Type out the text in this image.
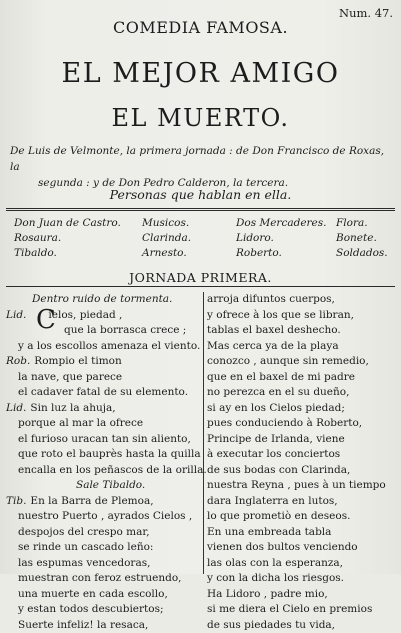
Num. 47.
COMEDIA FAMOSA.
EL MEJOR AMIGO
EL MUERTO.
De Luis de Velmonte, la primera jornada : de Don Francisco de Roxas, la
segunda : y de Don Pedro Calderon, la tercera.
Personas que hablan en ella.
Don Juan de Castro.
Rosaura.
Tibaldo.
Musicos.
Clarinda.
Arnesto.
Dos Mercaderes.
Lidoro.
Roberto.
Flora.
Bonete.
Soldados.
JORNADA PRIMERA.
Dentro ruido de tormenta.
Lid. ielos, piedad ,
que la borrasca crece ;
y a los escollos amenaza el viento.
Rob. Rompio el timon
la nave, que parece
el cadaver fatal de su elemento.
Lid. Sin luz la ahuja,
porque al mar la ofrece
el furioso uracan tan sin aliento,
que roto el bauprès hasta la quilla
encalla en los peñascos de la orilla.
Sale Tibaldo.
Tib. En la Barra de Plemoa,
nuestro Puerto , ayrados Cielos ,
despojos del crespo mar,
se rinde un cascado leño:
las espumas vencedoras,
muestran con feroz estruendo,
una muerte en cada escollo,
y estan todos descubiertos;
Suerte infeliz! la resaca,
arroja difuntos cuerpos,
y ofrece à los que se libran,
tablas el baxel deshecho.
Mas cerca ya de la playa
conozco , aunque sin remedio,
que en el baxel de mi padre
no perezca en el su dueño,
si ay en los Cielos piedad;
pues conduciendo à Roberto,
Principe de Irlanda, viene
à executar los conciertos
de sus bodas con Clarinda,
nuestra Reyna , pues à un tiempo
dara Inglaterra en lutos,
lo que prometiò en deseos.
En una embreada tabla
vienen dos bultos venciendo
las olas con la esperanza,
y con la dicha los riesgos.
Ha Lidoro , padre mio,
si me diera el Cielo en premios
de sus piedades tu vida,
C
